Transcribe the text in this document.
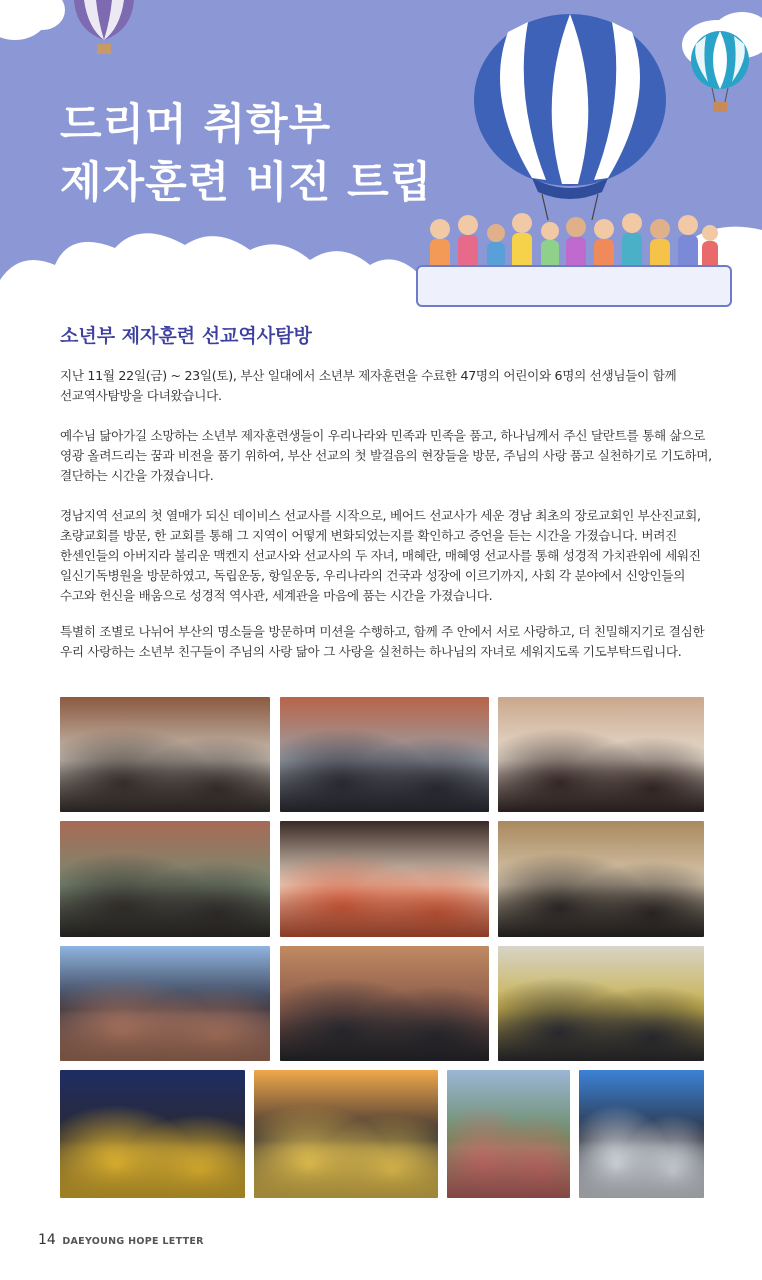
드리머 취학부
제자훈련 비전 트립
소년부 제자훈련 선교역사탐방

지난 11월 22일(금) ~ 23일(토), 부산 일대에서 소년부 제자훈련을 수료한 47명의 어린이와 6명의 선생님들이 함께 선교역사탐방을 다녀왔습니다.

예수님 닮아가길 소망하는 소년부 제자훈련생들이 우리나라와 민족과 민족을 품고, 하나님께서 주신 달란트를 통해 삶으로 영광 올려드리는 꿈과 비전을 품기 위하여, 부산 선교의 첫 발걸음의 현장들을 방문, 주님의 사랑 품고 실천하기로 기도하며, 결단하는 시간을 가졌습니다.

경남지역 선교의 첫 열매가 되신 데이비스 선교사를 시작으로, 베어드 선교사가 세운 경남 최초의 장로교회인 부산진교회, 초량교회를 방문, 한 교회를 통해 그 지역이 어떻게 변화되었는지를 확인하고 증언을 듣는 시간을 가졌습니다. 버려진 한센인들의 아버지라 불리운 맥켄지 선교사와 선교사의 두 자녀, 매혜란, 매혜영 선교사를 통해 성경적 가치관위에 세워진 일신기독병원을 방문하였고, 독립운동, 항일운동, 우리나라의 건국과 성장에 이르기까지, 사회 각 분야에서 신앙인들의 수고와 헌신을 배움으로 성경적 역사관, 세계관을 마음에 품는 시간을 가졌습니다.

특별히 조별로 나뉘어 부산의 명소들을 방문하며 미션을 수행하고, 함께 주 안에서 서로 사랑하고, 더 친밀해지기로 결심한 우리 사랑하는 소년부 친구들이 주님의 사랑 닮아 그 사랑을 실천하는 하나님의 자녀로 세워지도록 기도부탁드립니다.

14 DAEYOUNG HOPE LETTER
